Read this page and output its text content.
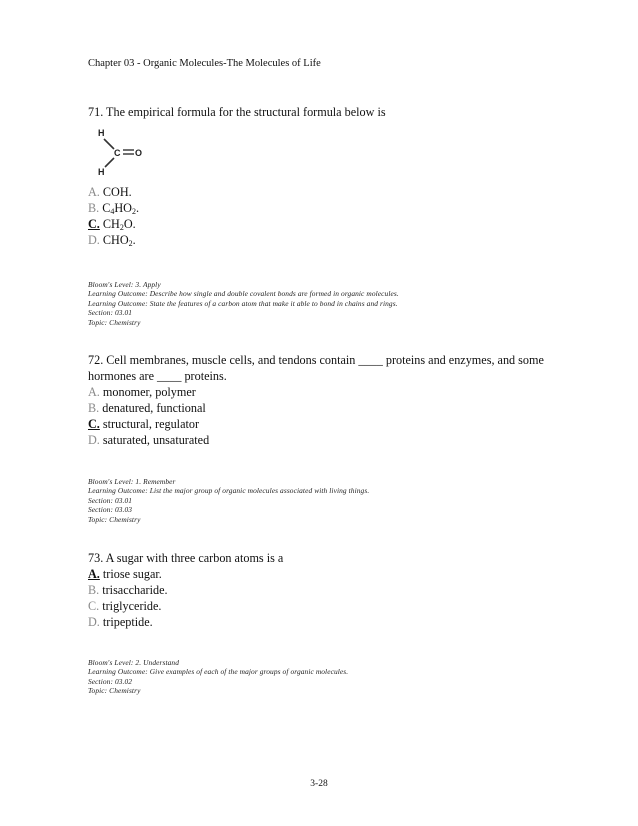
Chapter 03 - Organic Molecules-The Molecules of Life

71. The empirical formula for the structural formula below is

H
C O
H

A. COH.

B. $C_4HO_2$.

C. $CH_2O$.

D. $CHO_2$.

Bloom's Level: 3. Apply
Learning Outcome: Describe how single and double covalent bonds are formed in organic molecules.
Learning Outcome: State the features of a carbon atom that make it able to bond in chains and rings.
Section: 03.01
Topic: Chemistry

72. Cell membranes, muscle cells, and tendons contain ____ proteins and enzymes, and some

hormones are ____ proteins.

A. monomer, polymer

B. denatured, functional

C. structural, regulator

D. saturated, unsaturated

Bloom's Level: 1. Remember
Learning Outcome: List the major group of organic molecules associated with living things.
Section: 03.01
Section: 03.03
Topic: Chemistry

73. A sugar with three carbon atoms is a

A. triose sugar.

B. trisaccharide.

C. triglyceride.

D. tripeptide.

Bloom's Level: 2. Understand
Learning Outcome: Give examples of each of the major groups of organic molecules.
Section: 03.02
Topic: Chemistry
3-28
